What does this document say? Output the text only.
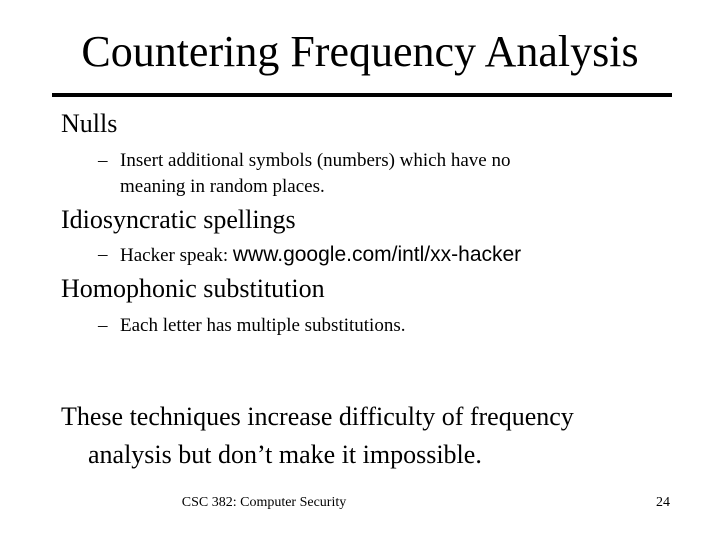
Countering Frequency Analysis

Nulls

– Insert additional symbols (numbers) which have no
meaning in random places.

Idiosyncratic spellings

– Hacker speak: www.google.com/intl/xx-hacker

Homophonic substitution

– Each letter has multiple substitutions.

These techniques increase difficulty of frequency
analysis but don’t make it impossible.

CSC 382: Computer Security	24
